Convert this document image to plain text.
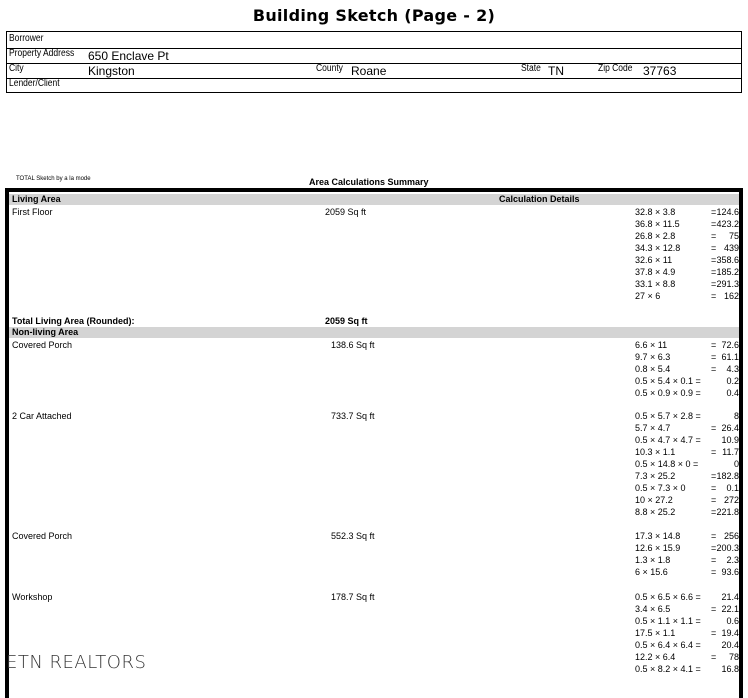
Building Sketch (Page - 2)
Borrower
Property Address 650 Enclave Pt
City	Kingston	County Roane	State TN	Zip Code 37763
Lender/Client
TOTAL Sketch by a la mode	Area Calculations Summary
Living Area	Calculation Details
First Floor	2059 Sq ft	32.8 × 3.8	= 124.6
36.8 × 11.5	= 423.2
26.8 × 2.8	= 75
34.3 × 12.8	= 439
32.6 × 11	= 358.6
37.8 × 4.9	= 185.2
33.1 × 8.8	= 291.3
27 × 6	= 162
Total Living Area (Rounded):	2059 Sq ft
Non-living Area
Covered Porch	138.6 Sq ft	6.6 × 11	= 72.6
9.7 × 6.3	= 61.1
0.8 × 5.4	= 4.3
0.5 × 5.4 × 0.1 =	0.2
0.5 × 0.9 × 0.9 =	0.4
2 Car Attached	733.7 Sq ft	0.5 × 5.7 × 2.8 =	8
5.7 × 4.7	= 26.4
0.5 × 4.7 × 4.7 = 10.9
10.3 × 1.1	= 11.7
0.5 × 14.8 × 0 =	0
7.3 × 25.2	= 182.8
0.5 × 7.3 × 0	= 0.1
10 × 27.2	= 272
8.8 × 25.2	= 221.8
Covered Porch	552.3 Sq ft	17.3 × 14.8	= 256
12.6 × 15.9	= 200.3
1.3 × 1.8	= 2.3
6 × 15.6	= 93.6
Workshop	178.7 Sq ft	0.5 × 6.5 × 6.6 = 21.4
3.4 × 6.5	= 22.1
0.5 × 1.1 × 1.1 =	0.6
17.5 × 1.1	= 19.4
0.5 × 6.4 × 6.4 = 20.4
12.2 × 6.4	= 78
0.5 × 8.2 × 4.1 = 16.8
ETN REALTORS
